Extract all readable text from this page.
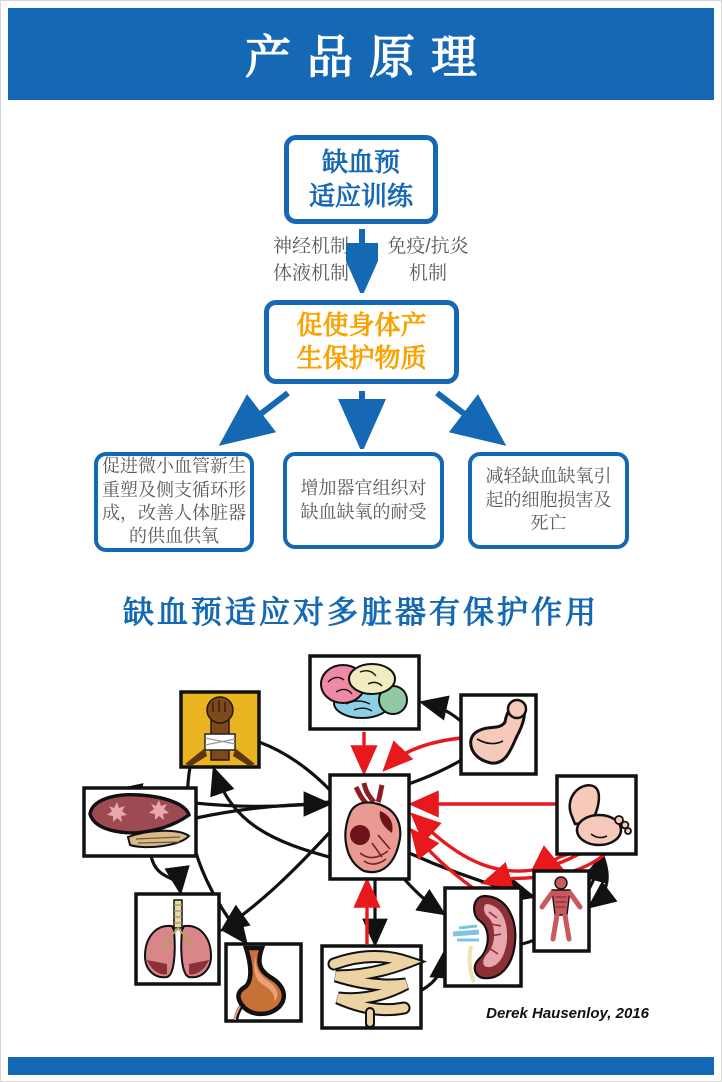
产品原理
缺血预
适应训练
神经机制
体液机制
免疫/抗炎
机制
促使身体产
生保护物质
促进微小血管新生
重塑及侧支循环形
成，改善人体脏器
的供血供氧
增加器官组织对
缺血缺氧的耐受
减轻缺血缺氧引
起的细胞损害及
死亡
缺血预适应对多脏器有保护作用
Derek Hausenloy, 2016
